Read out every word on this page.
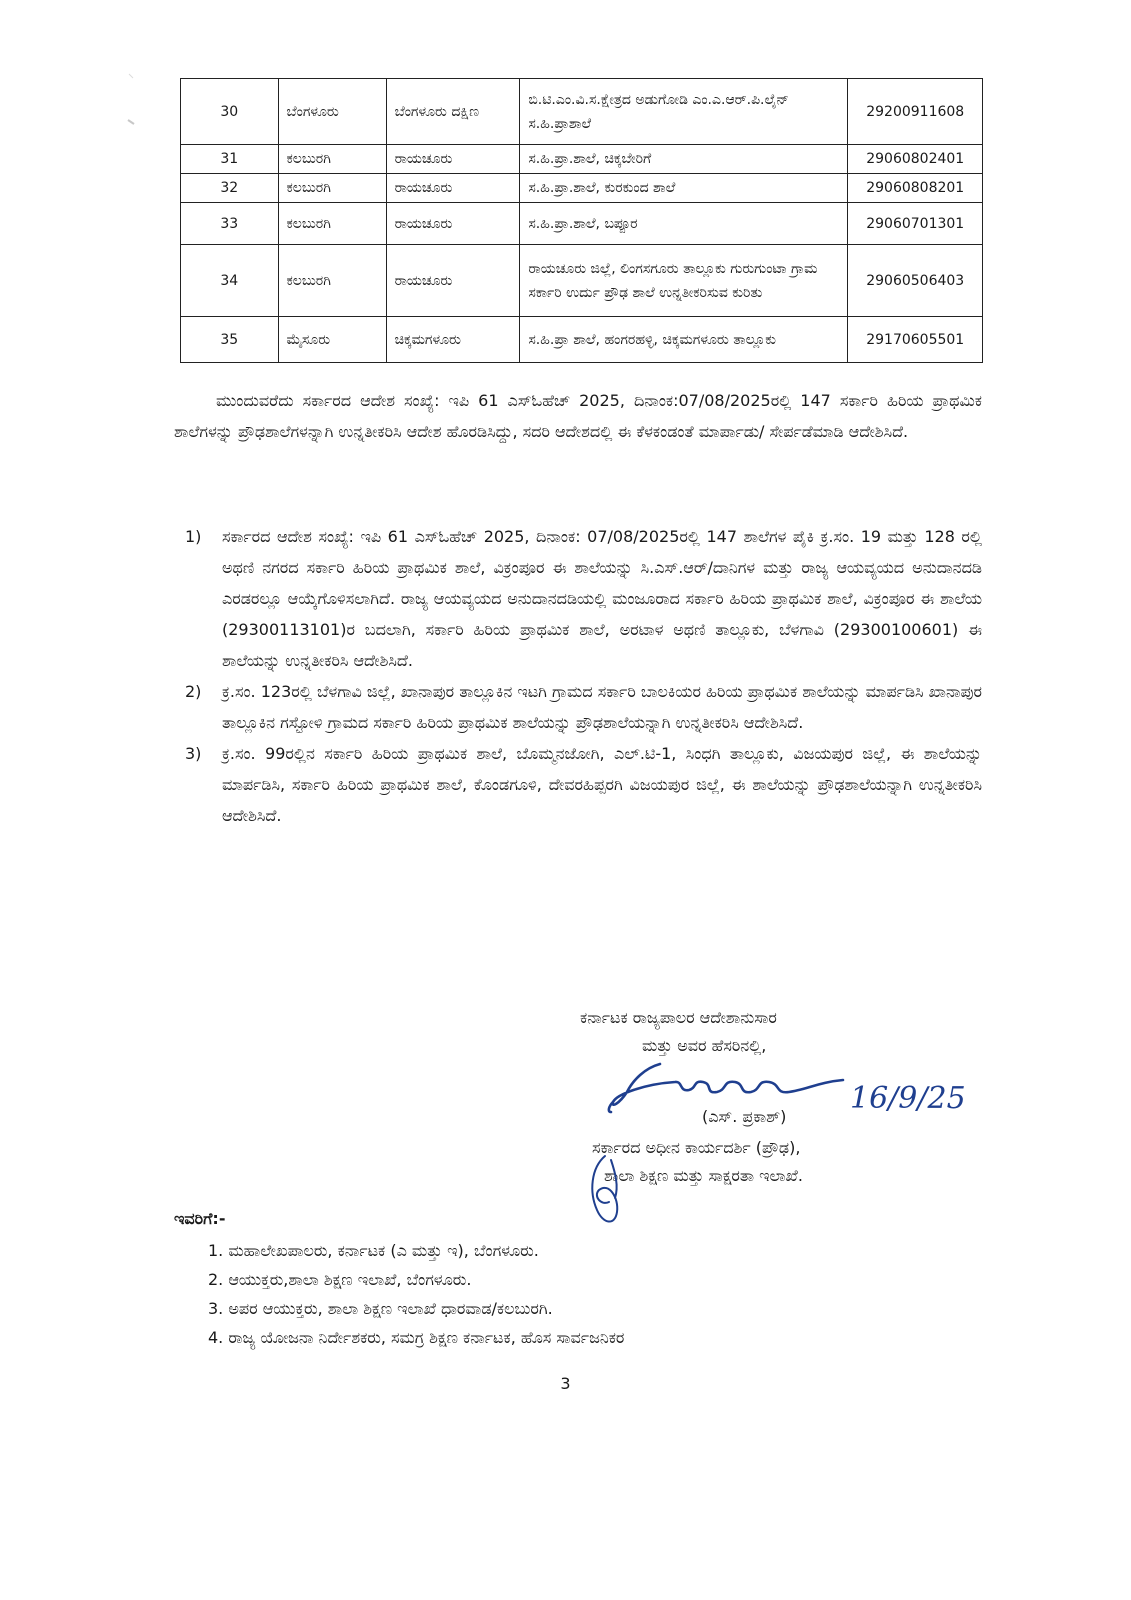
30	ಬೆಂಗಳೂರು	ಬೆಂಗಳೂರು ದಕ್ಷಿಣ	ಬಿ.ಟಿ.ಎಂ.ವಿ.ಸ.ಕ್ಷೇತ್ರದ ಅಡುಗೋಡಿ ಎಂ.ಎ.ಆರ್.ಪಿ.ಲೈನ್ ಸ.ಹಿ.ಪ್ರಾಶಾಲೆ	29200911608
31	ಕಲಬುರಗಿ	ರಾಯಚೂರು	ಸ.ಹಿ.ಪ್ರಾ.ಶಾಲೆ, ಚಿಕ್ಕಬೇರಿಗೆ	29060802401
32	ಕಲಬುರಗಿ	ರಾಯಚೂರು	ಸ.ಹಿ.ಪ್ರಾ.ಶಾಲೆ, ಕುರಕುಂದ ಶಾಲೆ	29060808201
33	ಕಲಬುರಗಿ	ರಾಯಚೂರು	ಸ.ಹಿ.ಪ್ರಾ.ಶಾಲೆ, ಬಪ್ಪೂರ	29060701301
34	ಕಲಬುರಗಿ	ರಾಯಚೂರು	ರಾಯಚೂರು ಜಿಲ್ಲೆ, ಲಿಂಗಸಗೂರು ತಾಲ್ಲೂಕು ಗುರುಗುಂಟಾ ಗ್ರಾಮ ಸರ್ಕಾರಿ ಉರ್ದು ಪ್ರೌಢ ಶಾಲೆ ಉನ್ನತೀಕರಿಸುವ ಕುರಿತು	29060506403
35	ಮೈಸೂರು	ಚಿಕ್ಕಮಗಳೂರು	ಸ.ಹಿ.ಪ್ರಾ ಶಾಲೆ, ಹಂಗರಹಳ್ಳಿ, ಚಿಕ್ಕಮಗಳೂರು ತಾಲ್ಲೂಕು	29170605501

ಮುಂದುವರೆದು ಸರ್ಕಾರದ ಆದೇಶ ಸಂಖ್ಯೆ: ಇಪಿ 61 ಎಸ್‌ಓಹೆಚ್ 2025, ದಿನಾಂಕ:07/08/2025ರಲ್ಲಿ 147 ಸರ್ಕಾರಿ ಹಿರಿಯ ಪ್ರಾಥಮಿಕ ಶಾಲೆಗಳನ್ನು ಪ್ರೌಢಶಾಲೆಗಳನ್ನಾಗಿ ಉನ್ನತೀಕರಿಸಿ ಆದೇಶ ಹೊರಡಿಸಿದ್ದು, ಸದರಿ ಆದೇಶದಲ್ಲಿ ಈ ಕೆಳಕಂಡಂತೆ ಮಾರ್ಪಾಡು/ ಸೇರ್ಪಡೆಮಾಡಿ ಆದೇಶಿಸಿದೆ.

1) ಸರ್ಕಾರದ ಆದೇಶ ಸಂಖ್ಯೆ: ಇಪಿ 61 ಎಸ್‌ಓಹೆಚ್ 2025, ದಿನಾಂಕ: 07/08/2025ರಲ್ಲಿ 147 ಶಾಲೆಗಳ ಪೈಕಿ ಕ್ರ.ಸಂ. 19 ಮತ್ತು 128 ರಲ್ಲಿ ಅಥಣಿ ನಗರದ ಸರ್ಕಾರಿ ಹಿರಿಯ ಪ್ರಾಥಮಿಕ ಶಾಲೆ, ವಿಕ್ರಂಪೂರ ಈ ಶಾಲೆಯನ್ನು ಸಿ.ಎಸ್.ಆರ್/ದಾನಿಗಳ ಮತ್ತು ರಾಜ್ಯ ಆಯವ್ಯಯದ ಅನುದಾನದಡಿ ಎರಡರಲ್ಲೂ ಆಯ್ಕೆಗೊಳಿಸಲಾಗಿದೆ. ರಾಜ್ಯ ಆಯವ್ಯಯದ ಅನುದಾನದಡಿಯಲ್ಲಿ ಮಂಜೂರಾದ ಸರ್ಕಾರಿ ಹಿರಿಯ ಪ್ರಾಥಮಿಕ ಶಾಲೆ, ವಿಕ್ರಂಪೂರ ಈ ಶಾಲೆಯ (29300113101)ರ ಬದಲಾಗಿ, ಸರ್ಕಾರಿ ಹಿರಿಯ ಪ್ರಾಥಮಿಕ ಶಾಲೆ, ಅರಟಾಳ ಅಥಣಿ ತಾಲ್ಲೂಕು, ಬೆಳಗಾವಿ (29300100601) ಈ ಶಾಲೆಯನ್ನು ಉನ್ನತೀಕರಿಸಿ ಆದೇಶಿಸಿದೆ.
2) ಕ್ರ.ಸಂ. 123ರಲ್ಲಿ ಬೆಳಗಾವಿ ಜಿಲ್ಲೆ, ಖಾನಾಪುರ ತಾಲ್ಲೂಕಿನ ಇಟಗಿ ಗ್ರಾಮದ ಸರ್ಕಾರಿ ಬಾಲಕಿಯರ ಹಿರಿಯ ಪ್ರಾಥಮಿಕ ಶಾಲೆಯನ್ನು ಮಾರ್ಪಡಿಸಿ ಖಾನಾಪುರ ತಾಲ್ಲೂಕಿನ ಗಸ್ಟೋಳಿ ಗ್ರಾಮದ ಸರ್ಕಾರಿ ಹಿರಿಯ ಪ್ರಾಥಮಿಕ ಶಾಲೆಯನ್ನು ಪ್ರೌಢಶಾಲೆಯನ್ನಾಗಿ ಉನ್ನತೀಕರಿಸಿ ಆದೇಶಿಸಿದೆ.
3) ಕ್ರ.ಸಂ. 99ರಲ್ಲಿನ ಸರ್ಕಾರಿ ಹಿರಿಯ ಪ್ರಾಥಮಿಕ ಶಾಲೆ, ಬೊಮ್ಮನಜೋಗಿ, ಎಲ್.ಟಿ-1, ಸಿಂಧಗಿ ತಾಲ್ಲೂಕು, ವಿಜಯಪುರ ಜಿಲ್ಲೆ, ಈ ಶಾಲೆಯನ್ನು ಮಾರ್ಪಡಿಸಿ, ಸರ್ಕಾರಿ ಹಿರಿಯ ಪ್ರಾಥಮಿಕ ಶಾಲೆ, ಕೊಂಡಗೂಳಿ, ದೇವರಹಿಪ್ಪರಗಿ ವಿಜಯಪುರ ಜಿಲ್ಲೆ, ಈ ಶಾಲೆಯನ್ನು ಪ್ರೌಢಶಾಲೆಯನ್ನಾಗಿ ಉನ್ನತೀಕರಿಸಿ ಆದೇಶಿಸಿದೆ.
ಕರ್ನಾಟಕ ರಾಜ್ಯಪಾಲರ ಆದೇಶಾನುಸಾರ
ಮತ್ತು ಅವರ ಹೆಸರಿನಲ್ಲಿ,
16/9/25
(ಎಸ್. ಪ್ರಕಾಶ್)
ಸರ್ಕಾರದ ಅಧೀನ ಕಾರ್ಯದರ್ಶಿ (ಪ್ರೌಢ),
ಶಾಲಾ ಶಿಕ್ಷಣ ಮತ್ತು ಸಾಕ್ಷರತಾ ಇಲಾಖೆ.
ಇವರಿಗೆ:-
1. ಮಹಾಲೇಖಪಾಲರು, ಕರ್ನಾಟಕ (ಎ ಮತ್ತು ಇ), ಬೆಂಗಳೂರು.
2. ಆಯುಕ್ತರು,ಶಾಲಾ ಶಿಕ್ಷಣ ಇಲಾಖೆ, ಬೆಂಗಳೂರು.
3. ಅಪರ ಆಯುಕ್ತರು, ಶಾಲಾ ಶಿಕ್ಷಣ ಇಲಾಖೆ ಧಾರವಾಡ/ಕಲಬುರಗಿ.
4. ರಾಜ್ಯ ಯೋಜನಾ ನಿರ್ದೇಶಕರು, ಸಮಗ್ರ ಶಿಕ್ಷಣ ಕರ್ನಾಟಕ, ಹೊಸ ಸಾರ್ವಜನಿಕರ
3
